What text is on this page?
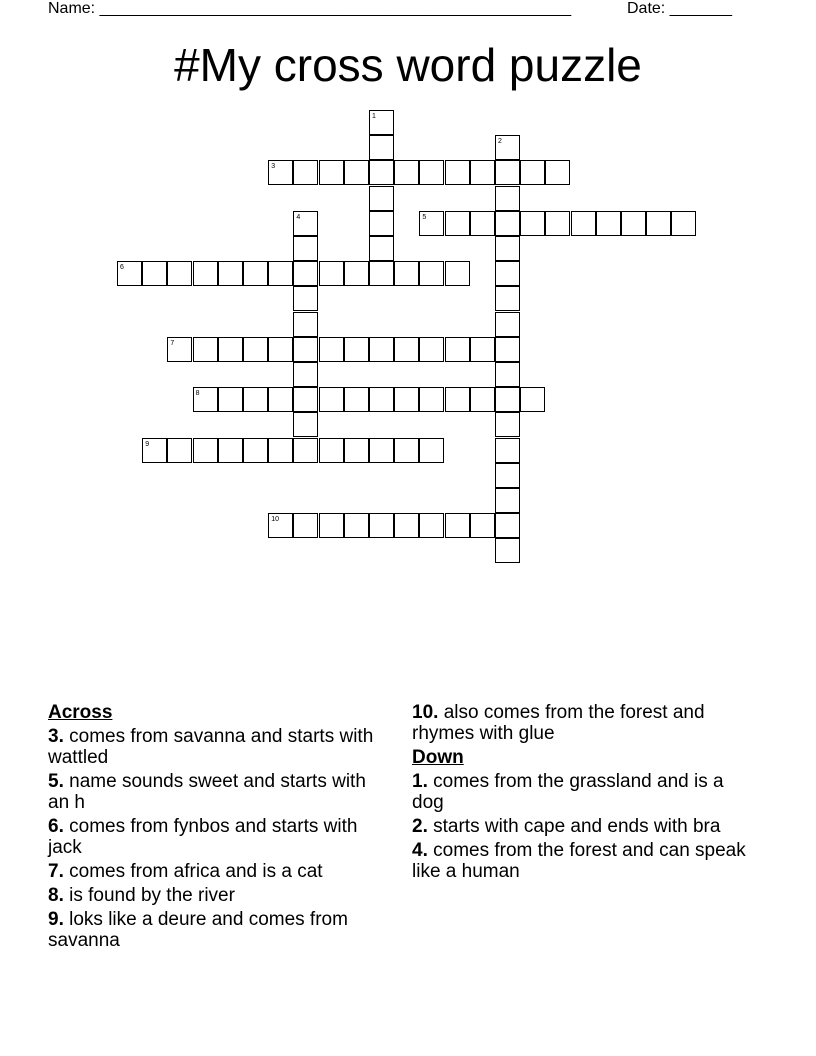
Name: _____________________________________________________	Date: _______
#My cross word puzzle
1
2
3
4	5
6
7
8
9
10
Across
3. comes from savanna and starts with wattled
5. name sounds sweet and starts with an h
6. comes from fynbos and starts with jack
7. comes from africa and is a cat
8. is found by the river
9. loks like a deure and comes from savanna
10. also comes from the forest and rhymes with glue
Down
1. comes from the grassland and is a dog
2. starts with cape and ends with bra
4. comes from the forest and can speak like a human
